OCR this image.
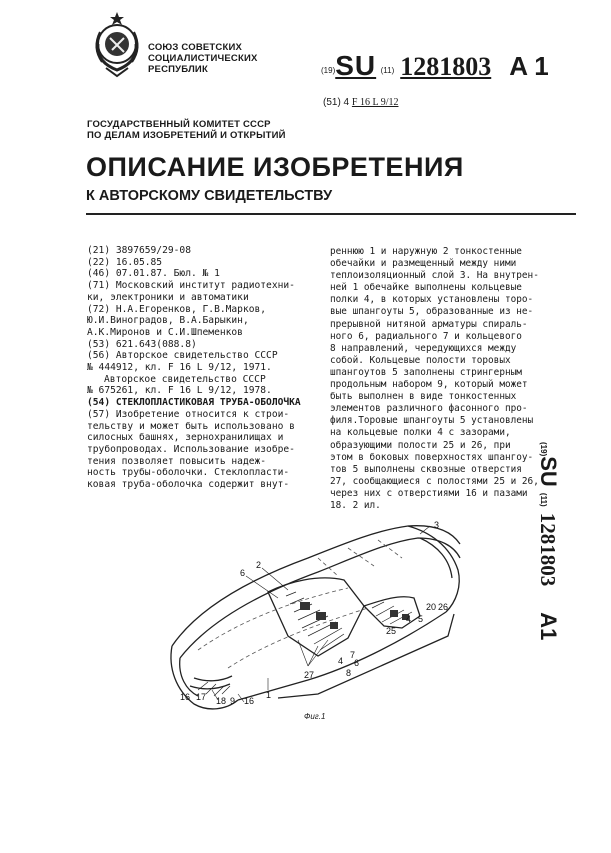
СОЮЗ СОВЕТСКИХ
СОЦИАЛИСТИЧЕСКИХ
РЕСПУБЛИК	(19)SU (11) 1281803 A 1
(51) 4 F 16 L 9/12
ГОСУДАРСТВЕННЫЙ КОМИТЕТ СССР
ПО ДЕЛАМ ИЗОБРЕТЕНИЙ И ОТКРЫТИЙ
ОПИСАНИЕ ИЗОБРЕТЕНИЯ
К АВТОРСКОМУ СВИДЕТЕЛЬСТВУ
(21) 3897659/29-08
(22) 16.05.85
(46) 07.01.87. Бюл. № 1
(71) Московский институт радиотехни-
ки, электроники и автоматики
(72) Н.А.Егоренков, Г.В.Марков,
Ю.И.Виноградов, В.А.Барыкин,
А.К.Миронов и С.И.Шпеменков
(53) 621.643(088.8)
(56) Авторское свидетельство СССР
№ 444912, кл. F 16 L 9/12, 1971.
Авторское свидетельство СССР
№ 675261, кл. F 16 L 9/12, 1978.
(54) СТЕКЛОПЛАСТИКОВАЯ ТРУБА-ОБОЛОЧКА
(57) Изобретение относится к строи-
тельству и может быть использовано в
силосных башнях, зернохранилищах и
трубопроводах. Использование изобре-
тения позволяет повысить надеж-
ность трубы-оболочки. Стеклопласти-
ковая труба-оболочка содержит внут-
реннюю 1 и наружную 2 тонкостенные
обечайки и размещенный между ними
теплоизоляционный слой 3. На внутрен-
ней 1 обечайке выполнены кольцевые
полки 4, в которых установлены торо-
вые шпангоуты 5, образованные из не-
прерывной нитяной арматуры спираль-
ного 6, радиального 7 и кольцевого
8 направлений, чередующихся между
собой. Кольцевые полости торовых
шпангоутов 5 заполнены стрингерным
продольным набором 9, который может
быть выполнен в виде тонкостенных
элементов различного фасонного про-
филя.Торовые шпангоуты 5 установлены
на кольцевые полки 4 с зазорами,
образующими полости 25 и 26, при
этом в боковых поверхностях шпангоу-
тов 5 выполнены сквозные отверстия
27, сообщающиеся с полостями 25 и 26,
через них с отверстиями 16 и пазами
18. 2 ил.
(19)SU (11)1281803A1
3
6
2
20 26
25
4 5
7
4 6
27	8
16 17 18 9 16
1
Фиг.1
